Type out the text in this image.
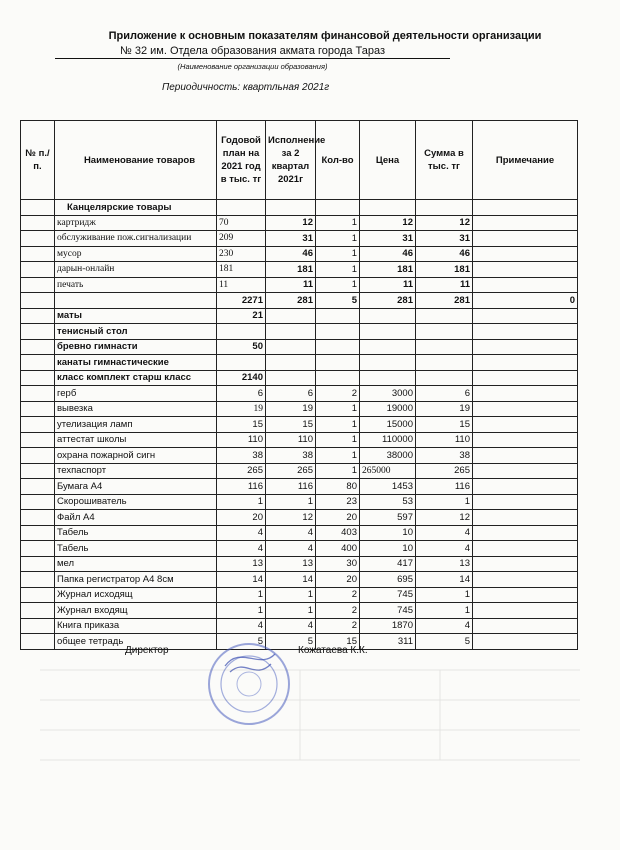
Приложение к основным показателям финансовой деятельности организации
№ 32 им. Отдела образования акмата города Тараз
(Наименование организации образования)
Периодичность: квартльная 2021г
№ п./п.	Наименование товаров	Годовой план на 2021 год в тыс. тг	Исполнение за 2 квартал 2021г	Кол-во	Цена	Сумма в тыс. тг	Примечание
	Канцелярские товары						
	картридж	70	12	1	12	12	
	обслуживание пож.сигнализации	209	31	1	31	31	
	мусор	230	46	1	46	46	
	дарын-онлайн	181	181	1	181	181	
	печать	11	11	1	11	11	
		2271	281	5	281	281	0
	маты	21					
	тенисный стол						
	бревно гимнасти	50					
	канаты гимнастические						
	класс комплект старш класс	2140					
	герб	6	6	2	3000	6	
	вывезка	19	19	1	19000	19	
	утелизация ламп	15	15	1	15000	15	
	аттестат школы	110	110	1	110000	110	
	охрана пожарной сигн	38	38	1	38000	38	
	техпаспорт	265	265	1	265000	265	
	Бумага А4	116	116	80	1453	116	
	Скорошиватель	1	1	23	53	1	
	Файл А4	20	12	20	597	12	
	Табель	4	4	403	10	4	
	Табель	4	4	400	10	4	
	мел	13	13	30	417	13	
	Папка регистратор А4 8см	14	14	20	695	14	
	Журнал исходящ	1	1	2	745	1	
	Журнал входящ	1	1	2	745	1	
	Книга приказа	4	4	2	1870	4	
	общее тетрадь	5	5	15	311	5	
Директор	Кожатаева К.К.
